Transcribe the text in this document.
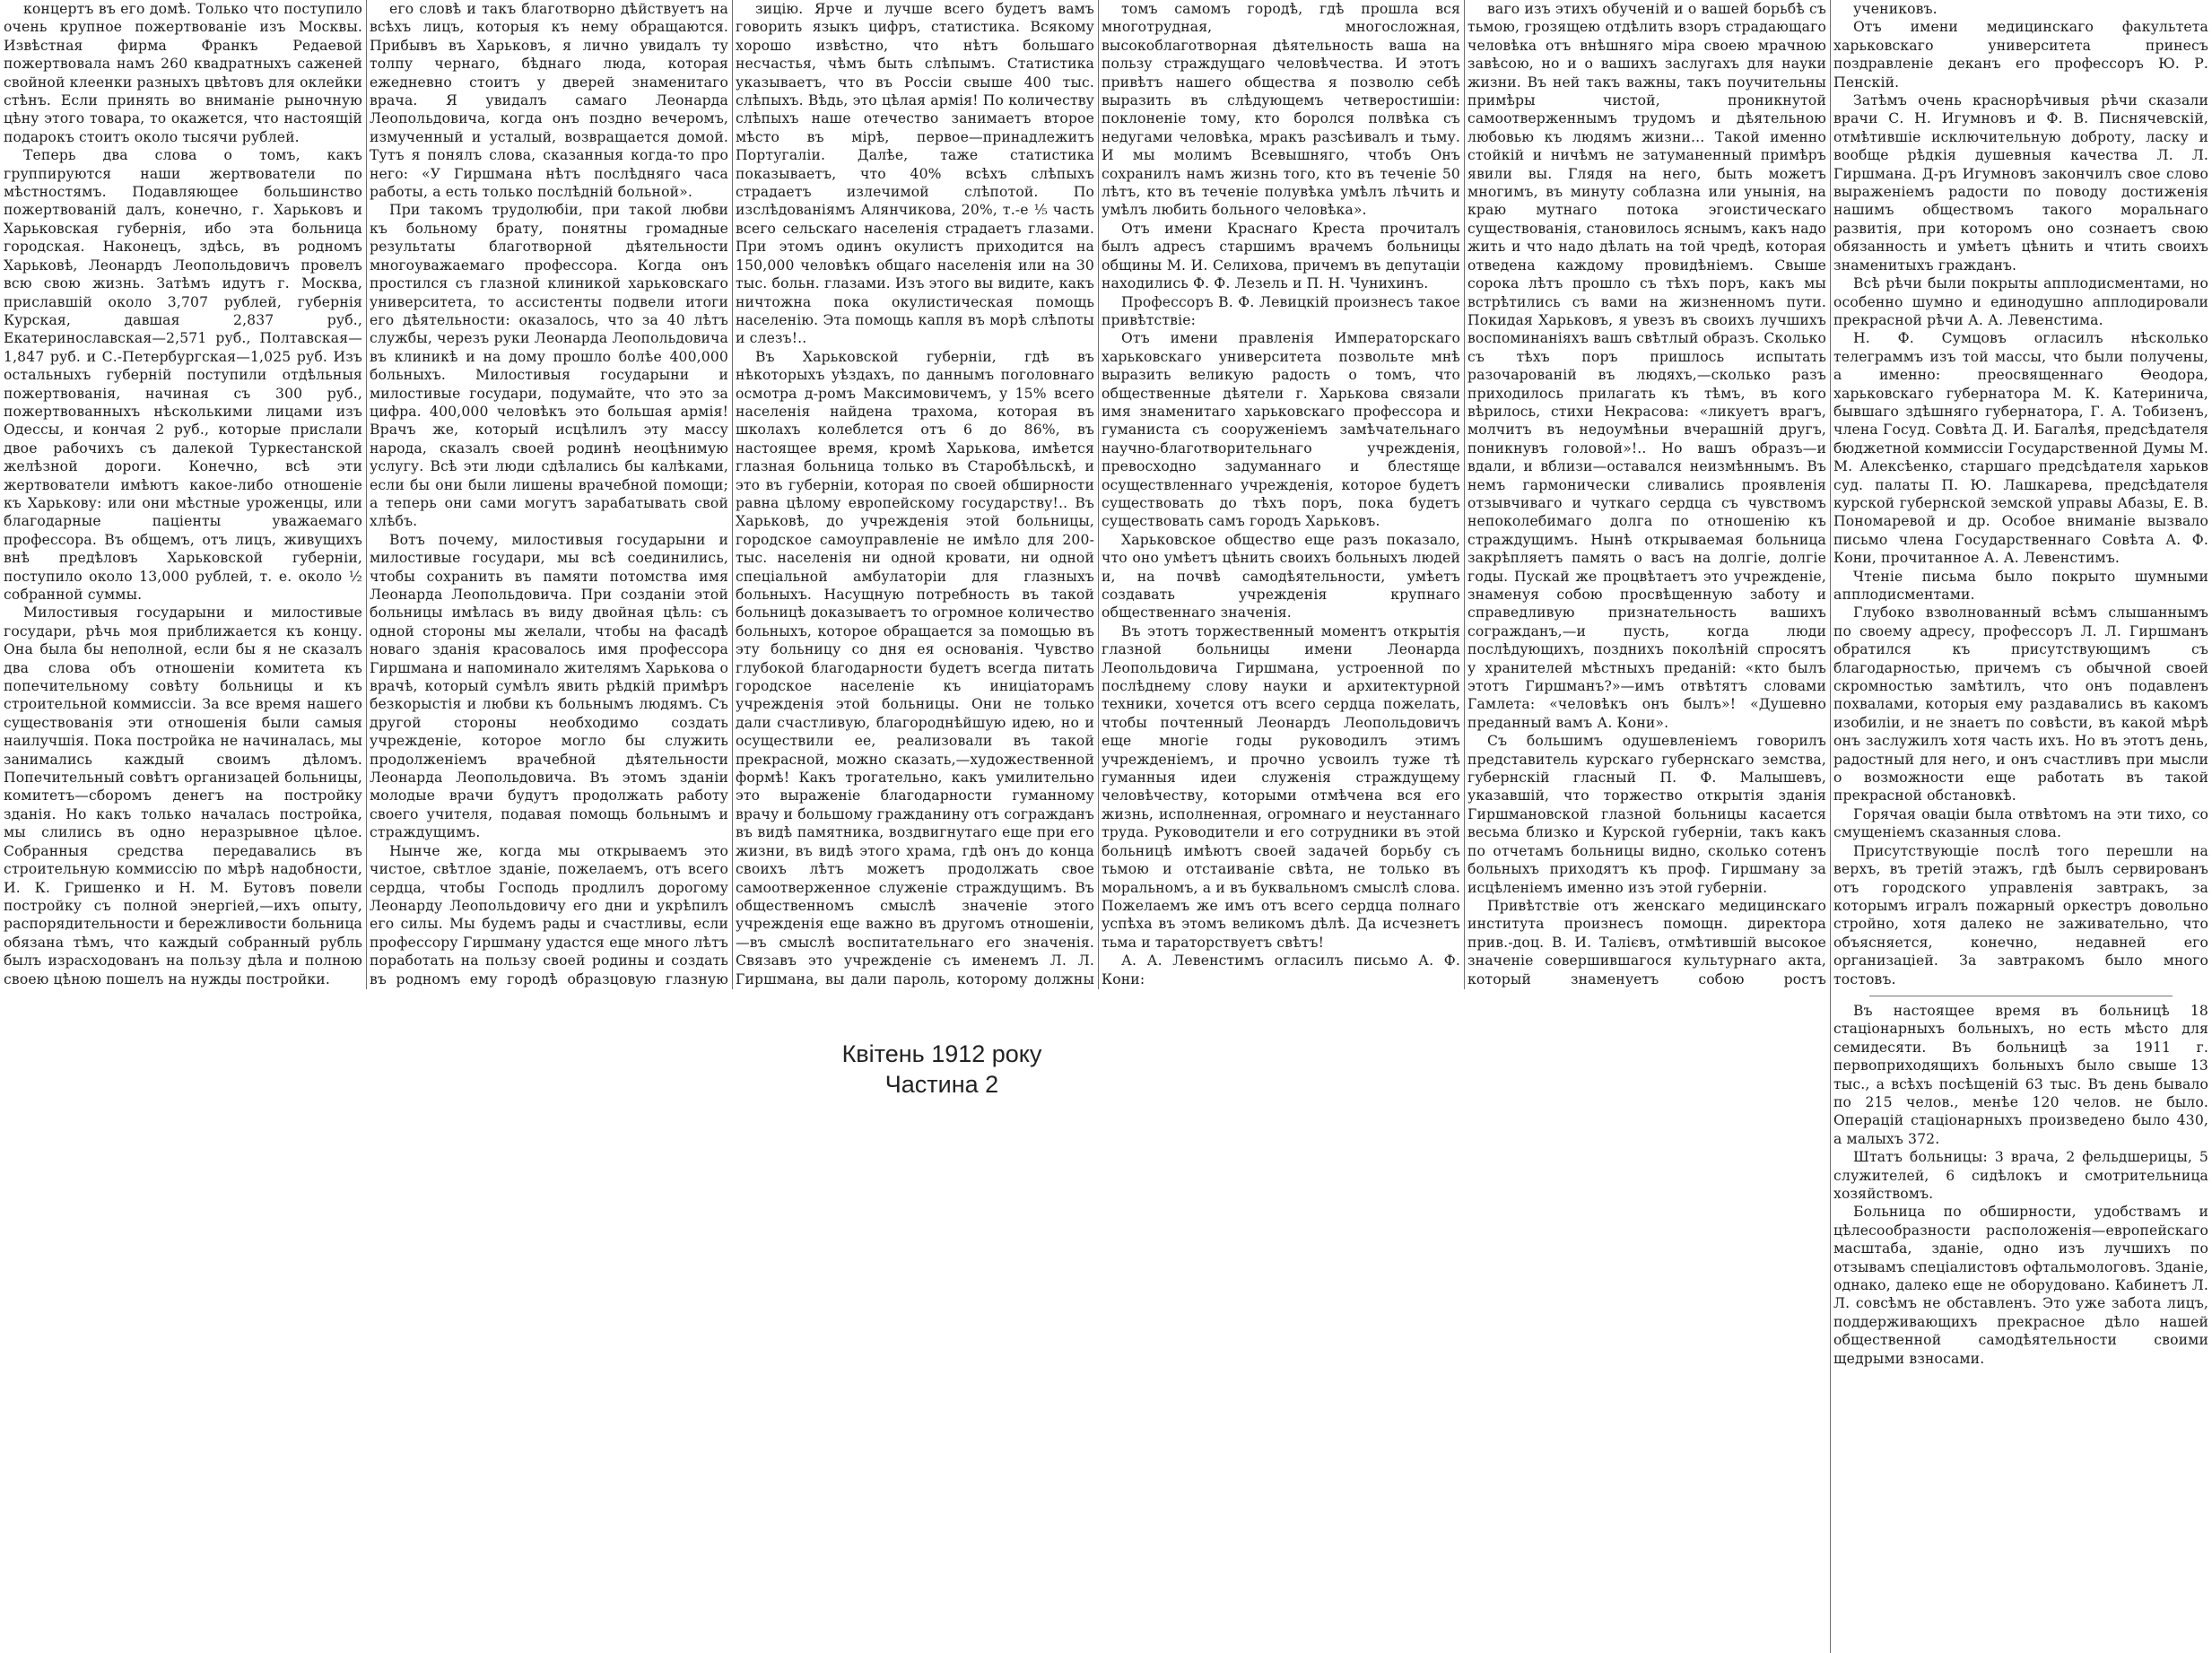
концертъ въ его домѣ. Только что поступило очень крупное пожертвованіе изъ Москвы. Извѣстная фирма Франкъ Рeдаевой пожертвовала намъ 260 квадратныхъ саженей свойной клеенки разныхъ цвѣтовъ для оклейки стѣнъ. Если принять во вниманіе рыночную цѣну этого товара, то окажется, что настоящій подарокъ стоитъ около тысячи рублей.

Теперь два слова о томъ, какъ группируются наши жертвователи по мѣстностямъ. Подавляющее большинство пожертвованій далъ, конечно, г. Харьковъ и Харьковская губернія, ибо эта больница городская. Наконецъ, здѣсь, въ родномъ Харьковѣ, Леонардъ Леопольдовичъ провелъ всю свою жизнь. Затѣмъ идутъ г. Москва, приславшій около 3,707 рублей, губернія Курская, давшая 2,837 руб., Екатеринославская—2,571 руб., Полтавская—1,847 руб. и С.-Петербургская—1,025 руб. Изъ остальныхъ губерній поступили отдѣльныя пожертвованія, начиная съ 300 руб., пожертвованныхъ нѣсколькими лицами изъ Одессы, и кончая 2 руб., которые прислали двое рабочихъ съ далекой Туркестанской желѣзной дороги. Конечно, всѣ эти жертвователи имѣютъ какое-либо отношеніе къ Харькову: или они мѣстные уроженцы, или благодарные паціенты уважаемаго профессора. Въ общемъ, отъ лицъ, живущихъ внѣ предѣловъ Харьковской губерніи, поступило около 13,000 рублей, т. е. около ½ собранной суммы.

Милостивыя государыни и милостивые государи, рѣчь моя приближается къ концу. Она была бы неполной, если бы я не сказалъ два слова объ отношеніи комитета къ попечительному совѣту больницы и къ строительной коммиссіи. За все время нашего существованія эти отношенія были самыя наилучшія. Пока постройка не начиналась, мы занимались каждый своимъ дѣломъ. Попечительный совѣтъ организацей больницы, комитетъ—сборомъ денегъ на постройку зданія. Но какъ только началась постройка, мы слились въ одно неразрывное цѣлое. Собранныя средства передавались въ строительную коммиссію по мѣрѣ надобности, И. К. Гришенко и Н. М. Бутовъ повели постройку съ полной энергіей,—ихъ опыту, распорядительности и бережливости больница обязана тѣмъ, что каждый собранный рубль былъ израсходованъ на пользу дѣла и полною своею цѣною пошелъ на нужды постройки.

его словѣ и такъ благотворно дѣйствуетъ на всѣхъ лицъ, которыя къ нему обращаются. Прибывъ въ Харьковъ, я лично увидалъ ту толпу чернаго, бѣднаго люда, которая ежедневно стоитъ у дверей знаменитаго врача. Я увидалъ самаго Леонарда Леопольдовича, когда онъ поздно вечеромъ, измученный и усталый, возвращается домой. Тутъ я понялъ слова, сказанныя когда-то про него: «У Гиршмана нѣтъ послѣдняго часа работы, а есть только послѣдній больной».

При такомъ трудолюбіи, при такой любви къ больному брату, понятны громадные результаты благотворной дѣятельности многоуважаемаго профессора. Когда онъ простился съ глазной клиникой харьковскаго университета, то ассистенты подвели итоги его дѣятельности: оказалось, что за 40 лѣтъ службы, черезъ руки Леонарда Леопольдовича въ клиникѣ и на дому прошло болѣе 400,000 больныхъ. Милостивыя государыни и милостивые государи, подумайте, что это за цифра. 400,000 человѣкъ это большая армія! Врачъ же, который исцѣлилъ эту массу народа, сказалъ своей родинѣ неоцѣнимую услугу. Всѣ эти люди сдѣлались бы калѣками, если бы они были лишены врачебной помощи; а теперь они сами могутъ зарабатывать свой хлѣбъ.

Вотъ почему, милостивыя государыни и милостивые государи, мы всѣ соединились, чтобы сохранить въ памяти потомства имя Леонарда Леопольдовича. При созданіи этой больницы имѣлась въ виду двойная цѣль: съ одной стороны мы желали, чтобы на фасадѣ новаго зданія красовалось имя профессора Гиршмана и напоминало жителямъ Харькова о врачѣ, который сумѣлъ явить рѣдкій примѣръ безкорыстія и любви къ больнымъ людямъ. Съ другой стороны необходимо создать учрежденіе, которое могло бы служить продолженіемъ врачебной дѣятельности Леонарда Леопольдовича. Въ этомъ зданіи молодые врачи будутъ продолжать работу своего учителя, подавая помощь больнымъ и страждущимъ.

Нынче же, когда мы открываемъ это чистое, свѣтлое зданіе, пожелаемъ, отъ всего сердца, чтобы Господь продлилъ дорогому Леонарду Леопольдовичу его дни и укрѣпилъ его силы. Мы будемъ рады и счастливы, если профессору Гиршману удастся еще много лѣтъ поработать на пользу своей родины и создать въ родномъ ему городѣ образцовую глазную

зицію. Ярче и лучше всего будетъ вамъ говорить языкъ цифръ, статистика. Всякому хорошо извѣстно, что нѣтъ большаго несчастья, чѣмъ быть слѣпымъ. Статистика указываетъ, что въ Россіи свыше 400 тыс. слѣпыхъ. Вѣдь, это цѣлая армія! По количеству слѣпыхъ наше отечество занимаетъ второе мѣсто въ мірѣ, первое—принадлежитъ Португаліи. Далѣе, таже статистика показываетъ, что 40% всѣхъ слѣпыхъ страдаетъ излечимой слѣпотой. По изслѣдованіямъ Алянчикова, 20%, т.-е ⅕ часть всего сельскаго населенія страдаетъ глазами. При этомъ одинъ окулистъ приходится на 150,000 человѣкъ общаго населенія или на 30 тыс. больн. глазами. Изъ этого вы видите, какъ ничтожна пока окулистическая помощь населенію. Эта помощь капля въ морѣ слѣпоты и слезъ!..

Въ Харьковской губерніи, гдѣ въ нѣкоторыхъ уѣздахъ, по даннымъ поголовнаго осмотра д-ромъ Максимовичемъ, у 15% всего населенія найдена трахома, которая въ школахъ колеблется отъ 6 до 86%, въ настоящее время, кромѣ Харькова, имѣется глазная больница только въ Старобѣльскѣ, и это въ губерніи, которая по своей обширности равна цѣлому европейскому государству!.. Въ Харьковѣ, до учрежденія этой больницы, городское самоуправленіе не имѣло для 200-тыс. населенія ни одной кровати, ни одной спеціальной амбулаторіи для глазныхъ больныхъ. Насущную потребность въ такой больницѣ доказываетъ то огромное количество больныхъ, которое обращается за помощью въ эту больницу со дня ея основанія. Чувство глубокой благодарности будетъ всегда питать городское населеніе къ иниціаторамъ учрежденія этой больницы. Они не только дали счастливую, благороднѣйшую идею, но и осуществили ее, реализовали въ такой прекрасной, можно сказать,—художественной формѣ! Какъ трогательно, какъ умилительно это выраженіе благодарности гуманному врачу и большому гражданину отъ согражданъ въ видѣ памятника, воздвигнутаго еще при его жизни, въ видѣ этого храма, гдѣ онъ до конца своихъ лѣтъ можетъ продолжать свое самоотверженное служеніе страждущимъ. Въ общественномъ смыслѣ значеніе этого учрежденія еще важно въ другомъ отношеніи,—въ смыслѣ воспитательнаго его значенія. Связавъ это учрежденіе съ именемъ Л. Л. Гиршмана, вы дали пароль, которому должны

томъ самомъ городѣ, гдѣ прошла вся многотрудная, многосложная, высокоблаготворная дѣятельность ваша на пользу страждущаго человѣчества. И этотъ привѣтъ нашего общества я позволю себѣ выразить въ слѣдующемъ четверостишіи: поклоненіе тому, кто боролся полвѣка съ недугами человѣка, мракъ разсѣивалъ и тьму. И мы молимъ Всевышняго, чтобъ Онъ сохранилъ намъ жизнь того, кто въ теченіе 50 лѣтъ, кто въ теченіе полувѣка умѣлъ лѣчить и умѣлъ любить больного человѣка».

Отъ имени Краснаго Креста прочиталъ былъ адресъ старшимъ врачемъ больницы общины М. И. Селихова, причемъ въ депутаціи находились Ф. Ф. Лезель и П. Н. Чунихинъ.

Профессоръ В. Ф. Левицкій произнесъ такое привѣтствіе:

Отъ имени правленія Императорскаго харьковскаго университета позвольте мнѣ выразить великую радость о томъ, что общественные дѣятели г. Харькова связали имя знаменитаго харьковскаго профессора и гуманиста съ сооруженіемъ замѣчательнаго научно-благотворительнаго учрежденія, превосходно задуманнаго и блестяще осуществленнаго учрежденія, которое будетъ существовать до тѣхъ поръ, пока будетъ существовать самъ городъ Харьковъ.

Харьковское общество еще разъ показало, что оно умѣетъ цѣнить своихъ больныхъ людей и, на почвѣ самодѣятельности, умѣетъ создавать учрежденія крупнаго общественнаго значенія.

Въ этотъ торжественный моментъ открытія глазной больницы имени Леонарда Леопольдовича Гиршмана, устроенной по послѣднему слову науки и архитектурной техники, хочется отъ всего сердца пожелать, чтобы почтенный Леонардъ Леопольдовичъ еще многіе годы руководилъ этимъ учрежденіемъ, и прочно усвоилъ туже тѣ гуманныя идеи служенія страждущему человѣчеству, которыми отмѣчена вся его жизнь, исполненная, огромнаго и неустаннаго труда. Руководители и его сотрудники въ этой больницѣ имѣютъ своей задачей борьбу съ тьмою и отстаиваніе свѣта, не только въ моральномъ, а и въ буквальномъ смыслѣ слова. Пожелаемъ же имъ отъ всего сердца полнаго успѣха въ этомъ великомъ дѣлѣ. Да исчезнетъ тьма и тараторствуетъ свѣтъ!

А. А. Левенстимъ огласилъ письмо А. Ф. Кони:

ваго изъ этихъ обученій и о вашей борьбѣ съ тьмою, грозящею отдѣлить взоръ страдающаго человѣка отъ внѣшняго міра своею мрачною завѣсою, но и о вашихъ заслугахъ для науки жизни. Въ ней такъ важны, такъ поучительны примѣры чистой, проникнутой самоотверженнымъ трудомъ и дѣятельною любовью къ людямъ жизни... Такой именно стойкій и ничѣмъ не затуманенный примѣръ явили вы. Глядя на него, быть можетъ многимъ, въ минуту соблазна или унынія, на краю мутнаго потока эгоистическаго существованія, становилось яснымъ, какъ надо жить и что надо дѣлать на той чредѣ, которая отведена каждому провидѣніемъ. Свыше сорока лѣтъ прошло съ тѣхъ поръ, какъ мы встрѣтились съ вами на жизненномъ пути. Покидая Харьковъ, я увезъ въ своихъ лучшихъ воспоминаніяхъ вашъ свѣтлый образъ. Сколько съ тѣхъ поръ пришлось испытать разочарованій въ людяхъ,—сколько разъ приходилось прилагать къ тѣмъ, въ кого вѣрилось, стихи Некрасова: «ликуетъ врагъ, молчитъ въ недоумѣньи вчерашній другъ, поникнувъ головой»!.. Но вашъ образъ—и вдали, и вблизи—оставался неизмѣннымъ. Въ немъ гармонически сливались проявленія отзывчиваго и чуткаго сердца съ чувствомъ непоколебимаго долга по отношенію къ страждущимъ. Нынѣ открываемая больница закрѣпляетъ память о васъ на долгіе, долгіе годы. Пускай же процвѣтаетъ это учрежденіе, знаменуя собою просвѣщенную заботу и справедливую признательность вашихъ согражданъ,—и пусть, когда люди послѣдующихъ, позднихъ поколѣній спросятъ у хранителей мѣстныхъ преданій: «кто былъ этотъ Гиршманъ?»—имъ отвѣтятъ словами Гамлета: «человѣкъ онъ былъ»! «Душевно преданный вамъ А. Кони».

Съ большимъ одушевленіемъ говорилъ представитель курскаго губернскаго земства, губернскій гласный П. Ф. Малышевъ, указавшій, что торжество открытія зданія Гиршмановской глазной больницы касается весьма близко и Курской губерніи, такъ какъ по отчетамъ больницы видно, сколько сотенъ больныхъ приходятъ къ проф. Гиршману за исцѣленіемъ именно изъ этой губерніи.

Привѣтствіе отъ женскаго медицинскаго института произнесъ помощн. директора прив.-доц. В. И. Талієвъ, отмѣтившій высокое значеніе совершившагося культурнаго акта, который знаменуетъ собою ростъ

учениковъ.

Отъ имени медицинскаго факультета харьковскаго университета принесъ поздравленіе деканъ его профессоръ Ю. Р. Пенскій.

Затѣмъ очень краснорѣчивыя рѣчи сказали врачи С. Н. Игумновъ и Ф. В. Писнячевскій, отмѣтившіе исключительную доброту, ласку и вообще рѣдкія душевныя качества Л. Л. Гиршмана. Д-ръ Игумновъ закончилъ свое слово выраженіемъ радости по поводу достиженія нашимъ обществомъ такого моральнаго развитія, при которомъ оно сознаетъ свою обязанность и умѣетъ цѣнить и чтить своихъ знаменитыхъ гражданъ.

Всѣ рѣчи были покрыты апплодисментами, но особенно шумно и единодушно апплодировали прекрасной рѣчи А. А. Левенстима.

Н. Ф. Сумцовъ огласилъ нѣсколько телеграммъ изъ той массы, что были получены, а именно: преосвященнаго Ѳеодора, харьковскаго губернатора М. К. Катеринича, бывшаго здѣшняго губернатора, Г. А. Тобизенъ, члена Госуд. Совѣта Д. И. Багалѣя, предсѣдателя бюджетной коммиссіи Государственной Думы М. М. Алексѣенко, старшаго предсѣдателя харьков суд. палаты П. Ю. Лашкарева, предсѣдателя курской губернской земской управы Абазы, Е. В. Пономаревой и др. Особое вниманіе вызвало письмо члена Государственнаго Совѣта А. Ф. Кони, прочитанное А. А. Левенстимъ.

Чтеніе письма было покрыто шумными апплодисментами.

Глубоко взволнованный всѣмъ слышаннымъ по своему адресу, профессоръ Л. Л. Гиршманъ обратился къ присутствующимъ съ благодарностью, причемъ съ обычной своей скромностью замѣтилъ, что онъ подавленъ похвалами, которыя ему раздавались въ какомъ изобиліи, и не знаетъ по совѣсти, въ какой мѣрѣ онъ заслужилъ хотя часть ихъ. Но въ этотъ день, радостный для него, и онъ счастливъ при мысли о возможности еще работать въ такой прекрасной обстановкѣ.

Горячая оваціи была отвѣтомъ на эти тихо, со смущеніемъ сказанныя слова.

Присутствующіе послѣ того перешли на верхъ, въ третій этажъ, гдѣ былъ сервированъ отъ городского управленія завтракъ, за которымъ игралъ пожарный оркестръ довольно стройно, хотя далеко не заживательно, что объясняется, конечно, недавней его организаціей. За завтракомъ было много тостовъ.

Въ настоящее время въ больницѣ 18 стаціонарныхъ больныхъ, но есть мѣсто для семидесяти. Въ больницѣ за 1911 г. первоприходящихъ больныхъ было свыше 13 тыс., а всѣхъ посѣщеній 63 тыс. Въ день бывало по 215 челов., менѣе 120 челов. не было. Операцій стаціонарныхъ произведено было 430, а малыхъ 372.

Штатъ больницы: 3 врача, 2 фельдшерицы, 5 служителей, 6 сидѣлокъ и смотрительница хозяйствомъ.

Больница по обширности, удобствамъ и цѣлесообразности расположенія—европейскаго масштаба, зданіе, одно изъ лучшихъ по отзывамъ спеціалистовъ офтальмологовъ. Зданіе, однако, далеко еще не оборудовано. Кабинетъ Л. Л. совсѣмъ не обставленъ. Это уже забота лицъ, поддерживающихъ прекрасное дѣло нашей общественной самодѣятельности своими щедрыми взносами.

Квітень 1912 року
Частина 2
